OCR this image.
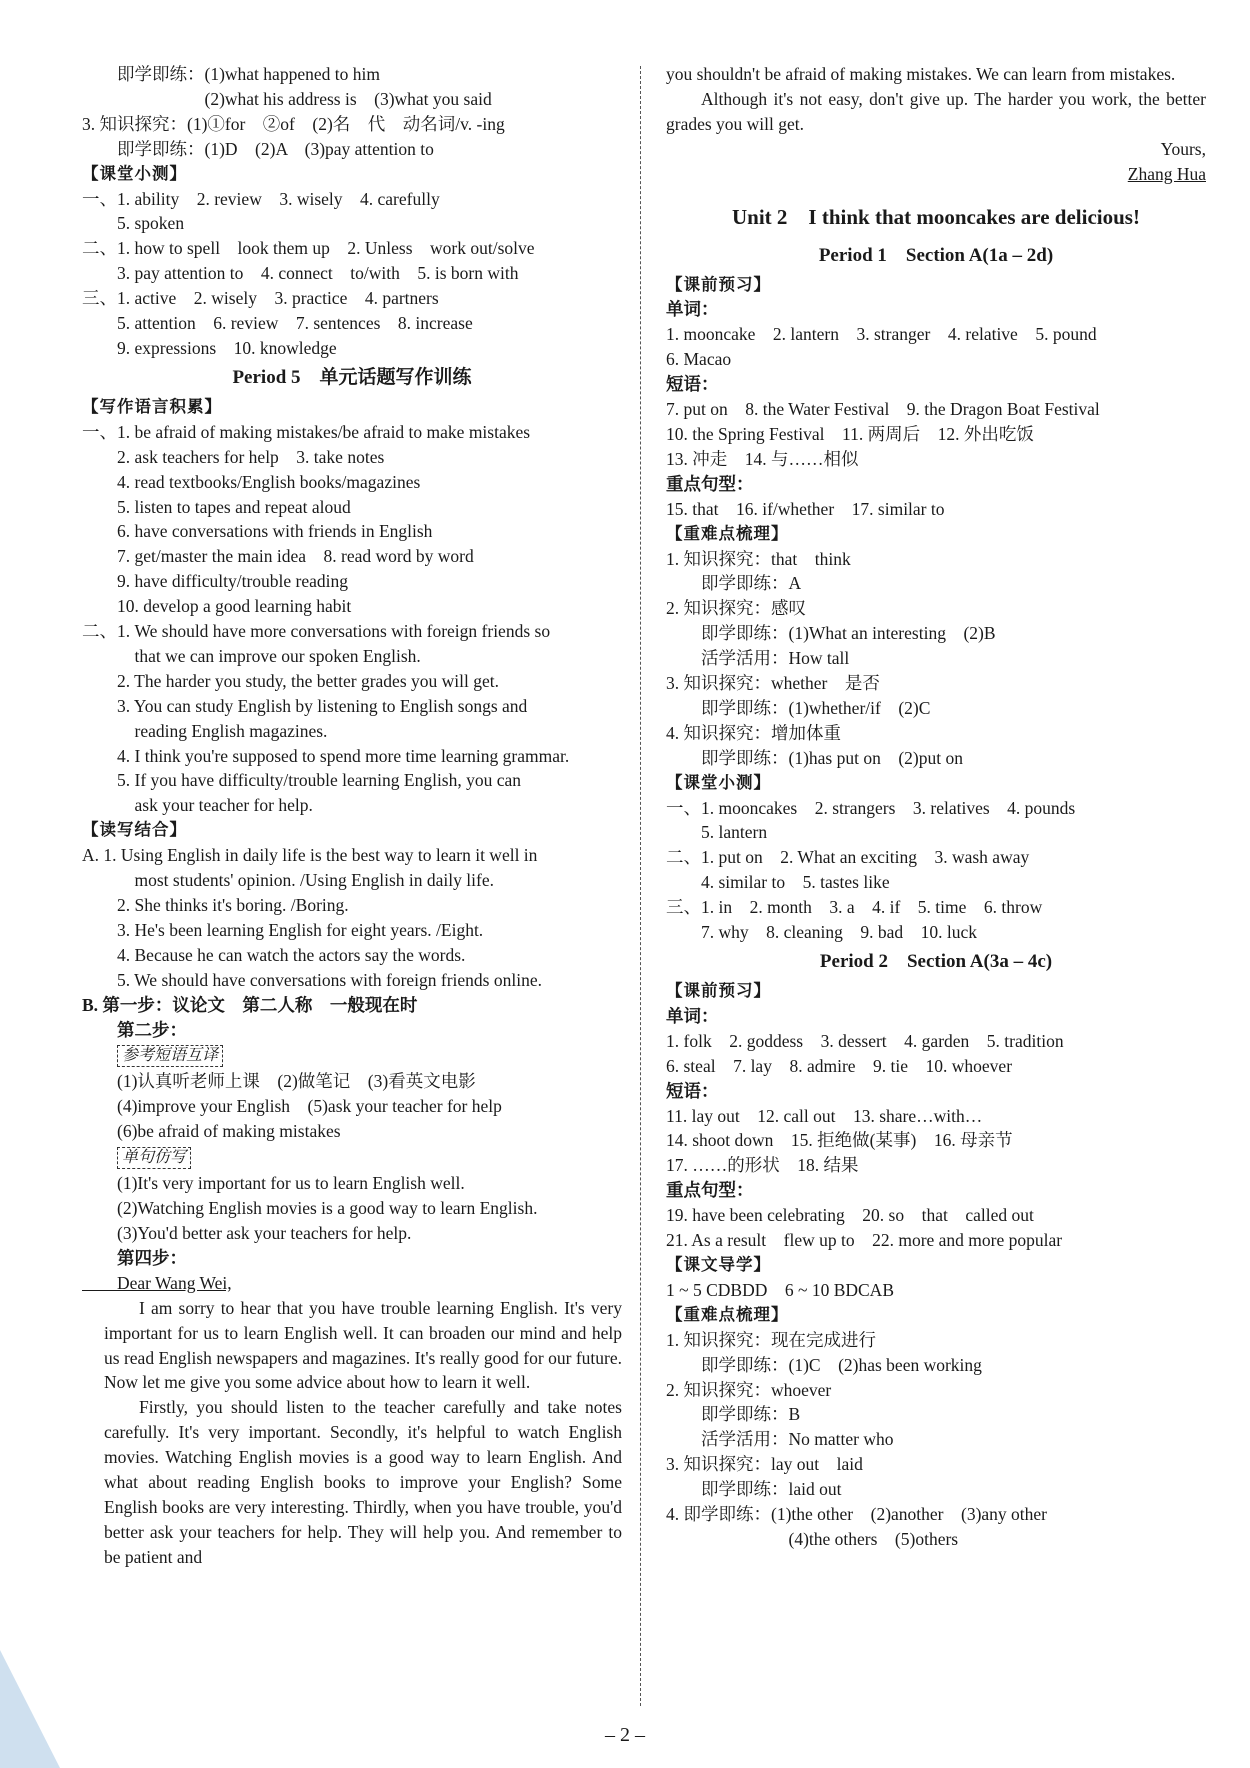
　　即学即练：(1)what happened to him
　　　　　　　(2)what his address is　(3)what you said
3. 知识探究：(1)①for　②of　(2)名　代　动名词/v. -ing
　　即学即练：(1)D　(2)A　(3)pay attention to
【课堂小测】
一、1. ability　2. review　3. wisely　4. carefully
　　5. spoken
二、1. how to spell　look them up　2. Unless　work out/solve
　　3. pay attention to　4. connect　to/with　5. is born with
三、1. active　2. wisely　3. practice　4. partners
　　5. attention　6. review　7. sentences　8. increase
　　9. expressions　10. knowledge
Period 5　单元话题写作训练
【写作语言积累】
一、1. be afraid of making mistakes/be afraid to make mistakes
　　2. ask teachers for help　3. take notes
　　4. read textbooks/English books/magazines
　　5. listen to tapes and repeat aloud
　　6. have conversations with friends in English
　　7. get/master the main idea　8. read word by word
　　9. have difficulty/trouble reading
　　10. develop a good learning habit
二、1. We should have more conversations with foreign friends so
　　　that we can improve our spoken English.
　　2. The harder you study, the better grades you will get.
　　3. You can study English by listening to English songs and
　　　reading English magazines.
　　4. I think you're supposed to spend more time learning grammar.
　　5. If you have difficulty/trouble learning English, you can
　　　ask your teacher for help.
【读写结合】
A. 1. Using English in daily life is the best way to learn it well in
　　　most students' opinion. /Using English in daily life.
　　2. She thinks it's boring. /Boring.
　　3. He's been learning English for eight years. /Eight.
　　4. Because he can watch the actors say the words.
　　5. We should have conversations with foreign friends online.
B. 第一步：议论文　第二人称　一般现在时
　　第二步：
　　参考短语互译
　　(1)认真听老师上课　(2)做笔记　(3)看英文电影
　　(4)improve your English　(5)ask your teacher for help
　　(6)be afraid of making mistakes
　　单句仿写
　　(1)It's very important for us to learn English well.
　　(2)Watching English movies is a good way to learn English.
　　(3)You'd better ask your teachers for help.
　　第四步：
　　Dear Wang Wei,
I am sorry to hear that you have trouble learning English. It's very important for us to learn English well. It can broaden our mind and help us read English newspapers and magazines. It's really good for our future. Now let me give you some advice about how to learn it well.
Firstly, you should listen to the teacher carefully and take notes carefully. It's very important. Secondly, it's helpful to watch English movies. Watching English movies is a good way to learn English. And what about reading English books to improve your English? Some English books are very interesting. Thirdly, when you have trouble, you'd better ask your teachers for help. They will help you. And remember to be patient and
you shouldn't be afraid of making mistakes. We can learn from mistakes.
Although it's not easy, don't give up. The harder you work, the better grades you will get.
Yours,
Zhang Hua
Unit 2　I think that mooncakes are delicious!
Period 1　Section A(1a – 2d)
【课前预习】
单词：
1. mooncake　2. lantern　3. stranger　4. relative　5. pound
6. Macao
短语：
7. put on　8. the Water Festival　9. the Dragon Boat Festival
10. the Spring Festival　11. 两周后　12. 外出吃饭
13. 冲走　14. 与……相似
重点句型：
15. that　16. if/whether　17. similar to
【重难点梳理】
1. 知识探究：that　think
　　即学即练：A
2. 知识探究：感叹
　　即学即练：(1)What an interesting　(2)B
　　活学活用：How tall
3. 知识探究：whether　是否
　　即学即练：(1)whether/if　(2)C
4. 知识探究：增加体重
　　即学即练：(1)has put on　(2)put on
【课堂小测】
一、1. mooncakes　2. strangers　3. relatives　4. pounds
　　5. lantern
二、1. put on　2. What an exciting　3. wash away
　　4. similar to　5. tastes like
三、1. in　2. month　3. a　4. if　5. time　6. throw
　　7. why　8. cleaning　9. bad　10. luck
Period 2　Section A(3a – 4c)
【课前预习】
单词：
1. folk　2. goddess　3. dessert　4. garden　5. tradition
6. steal　7. lay　8. admire　9. tie　10. whoever
短语：
11. lay out　12. call out　13. share…with…
14. shoot down　15. 拒绝做(某事)　16. 母亲节
17. ……的形状　18. 结果
重点句型：
19. have been celebrating　20. so　that　called out
21. As a result　flew up to　22. more and more popular
【课文导学】
1 ~ 5 CDBDD　6 ~ 10 BDCAB
【重难点梳理】
1. 知识探究：现在完成进行
　　即学即练：(1)C　(2)has been working
2. 知识探究：whoever
　　即学即练：B
　　活学活用：No matter who
3. 知识探究：lay out　laid
　　即学即练：laid out
4. 即学即练：(1)the other　(2)another　(3)any other
　　　　　　　(4)the others　(5)others
– 2 –
